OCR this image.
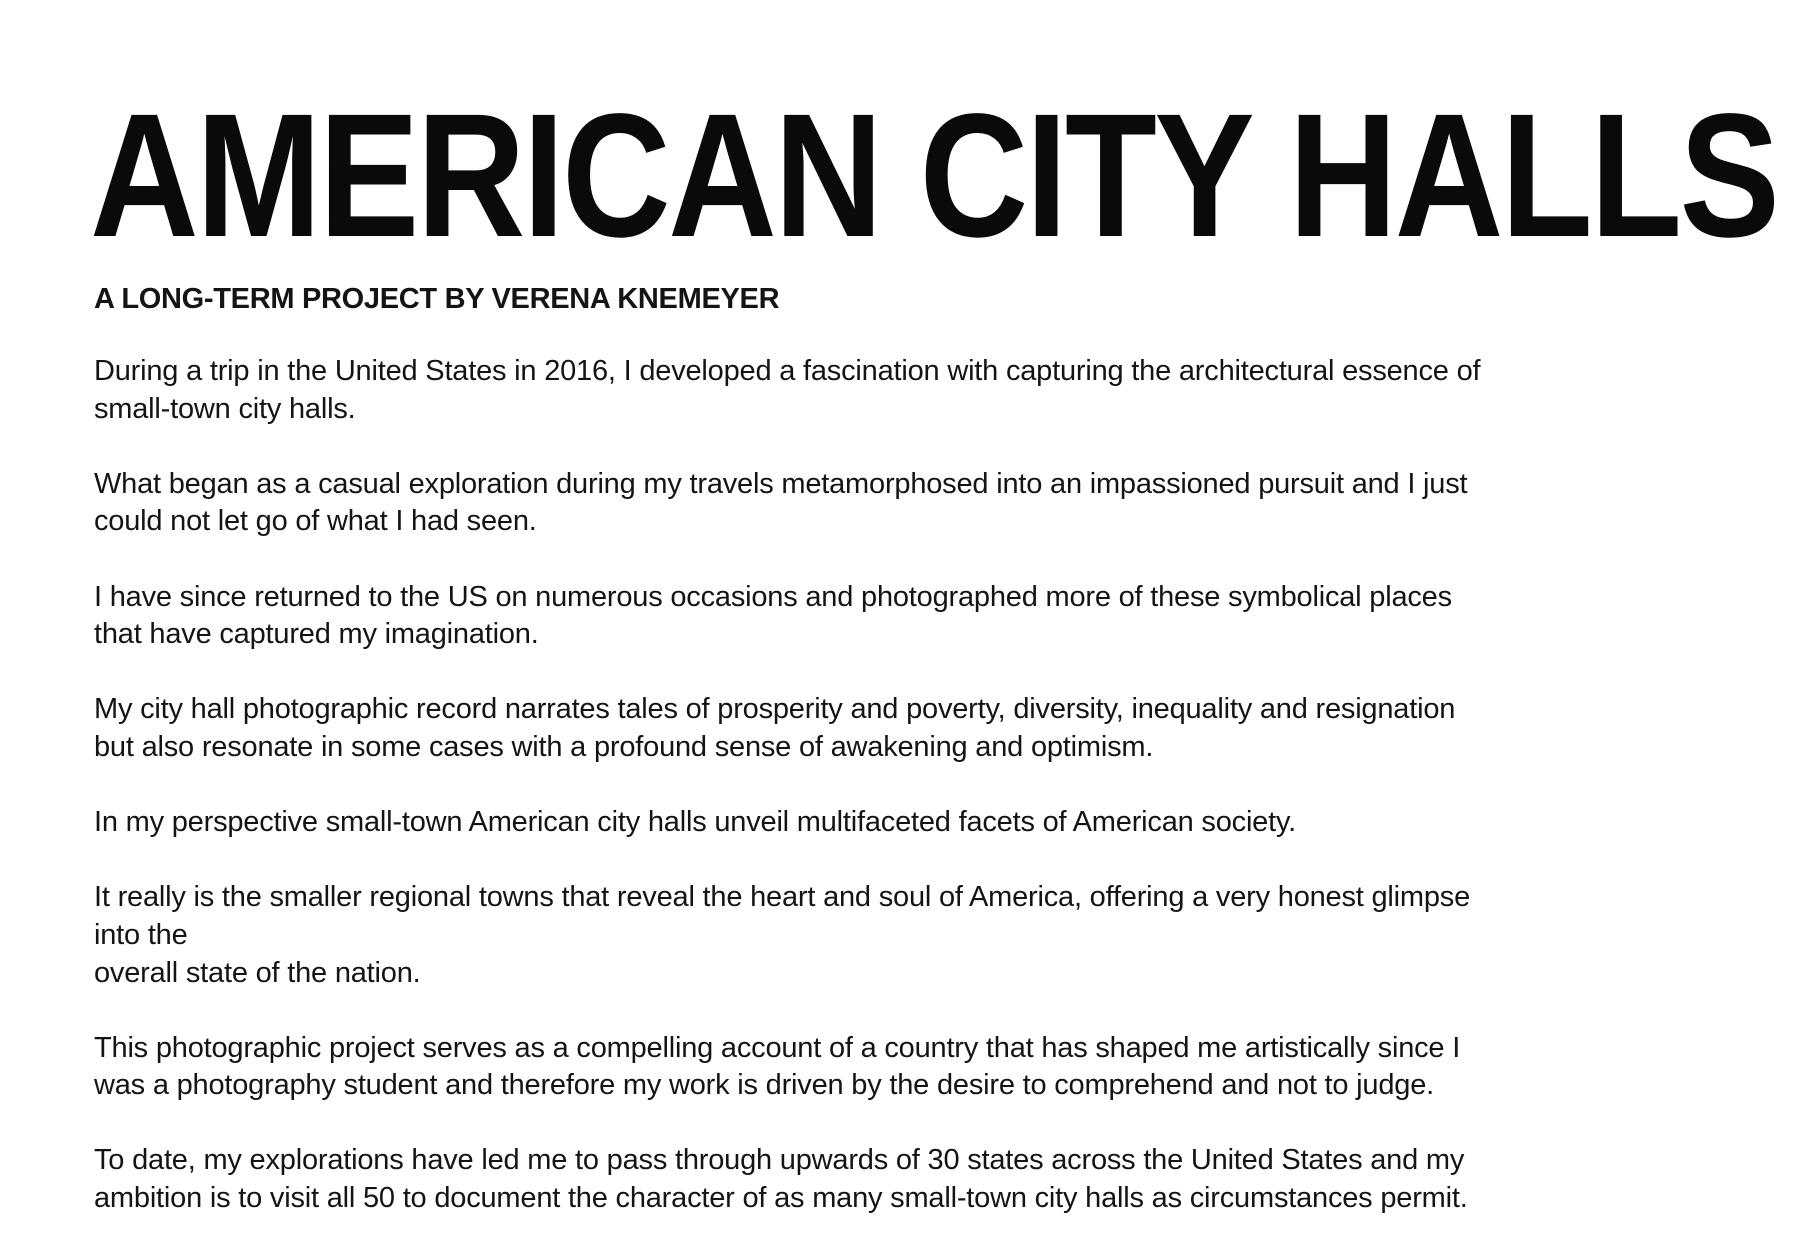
AMERICAN CITY HALLS
A LONG-TERM PROJECT BY VERENA KNEMEYER

During a trip in the United States in 2016, I developed a fascination with capturing the architectural essence of
small-town city halls.

What began as a casual exploration during my travels metamorphosed into an impassioned pursuit and I just
could not let go of what I had seen.

I have since returned to the US on numerous occasions and photographed more of these symbolical places
that have captured my imagination.

My city hall photographic record narrates tales of prosperity and poverty, diversity, inequality and resignation
but also resonate in some cases with a profound sense of awakening and optimism.

In my perspective small-town American city halls unveil multifaceted facets of American society.

It really is the smaller regional towns that reveal the heart and soul of America, offering a very honest glimpse
into the
overall state of the nation.

This photographic project serves as a compelling account of a country that has shaped me artistically since I
was a photography student and therefore my work is driven by the desire to comprehend and not to judge.

To date, my explorations have led me to pass through upwards of 30 states across the United States and my
ambition is to visit all 50 to document the character of as many small-town city halls as circumstances permit.
